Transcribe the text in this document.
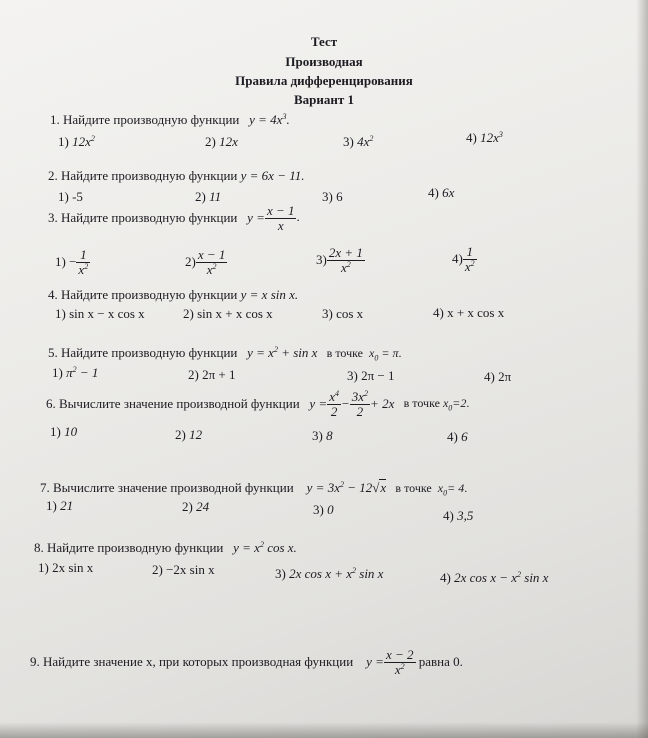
Тест
Производная
Правила дифференцирования
Вариант 1
1. Найдите производную функции   $y = 4x^3$.
1) $12x^2$	2) 12x	3) $4x^2$	4) $12x^3$
2. Найдите производную функции y = 6x − 11.
1) -5	2) 11	3) 6	4) 6x
3. Найдите производную функции   $y = \frac{x - 1}{x}$ .
$1) - \frac{1}{x^2}$	$2) \frac{x - 1}{x^2}$	$3) \frac{2x + 1}{x^2}$	$4) \frac{1}{x^2}$
4. Найдите производную функции y = x sin x.
1) sin x − x cos x	2) sin x + x cos x	3) cos x	4) x + x cos x
5. Найдите производную функции   $y = x^2 + \sin x$   в точке  $x_0 = \pi$.
1) $\pi^2 - 1$	2) 2π + 1	3) 2π − 1	4) 2π
6. Вычислите значение производной функции   $y = \frac{x^4}{2} - \frac{3x^2}{2} + 2x$   в точке $x_0=2$.
1) 10	2) 12	3) 8	4) 6
7. Вычислите значение производной функции    $y = 3x^2 - 12√x$   в точке  $x_0= 4$.
1) 21	2) 24	3) 0	4) 3,5
8. Найдите производную функции   $y = x^2$ cos x.
1) 2x sin x	2) −2x sin x	3) 2x $\cos x + x^2$ sin x	4) 2x $\cos x - x^2$ sin x
9. Найдите значение x, при которых производная функции    $y = \frac{x - 2}{x^2}$ равна 0.
